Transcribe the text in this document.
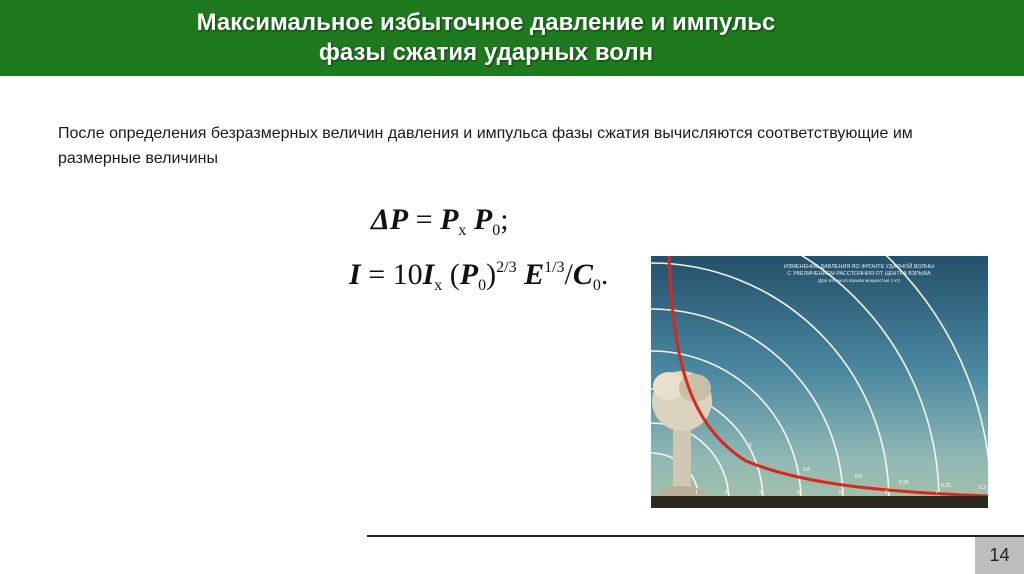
Максимальное избыточное давление и импульс
фазы сжатия ударных волн
После определения безразмерных величин давления и импульса фазы сжатия вычисляются соответствующие им размерные величины
$\Delta P = P_x$ $P_0$;
$I = 10I_x$ $(P_0)^{2/3}$ $E^{1/3}/C_0$.	ИЗМЕНЕНИЕ ДАВЛЕНИЯ ВО ФРОНТЕ УДАРНОЙ ВОЛНЫ
С УВЕЛИЧЕНИЕМ РАССТОЯНИЯ ОТ ЦЕНТРА ВЗРЫВА
(Для атомного взрыва мощностью 1 кт)
2
0.8
0.5
0.35	0.25	0.2
1	2	3	4	5	6	7
14
